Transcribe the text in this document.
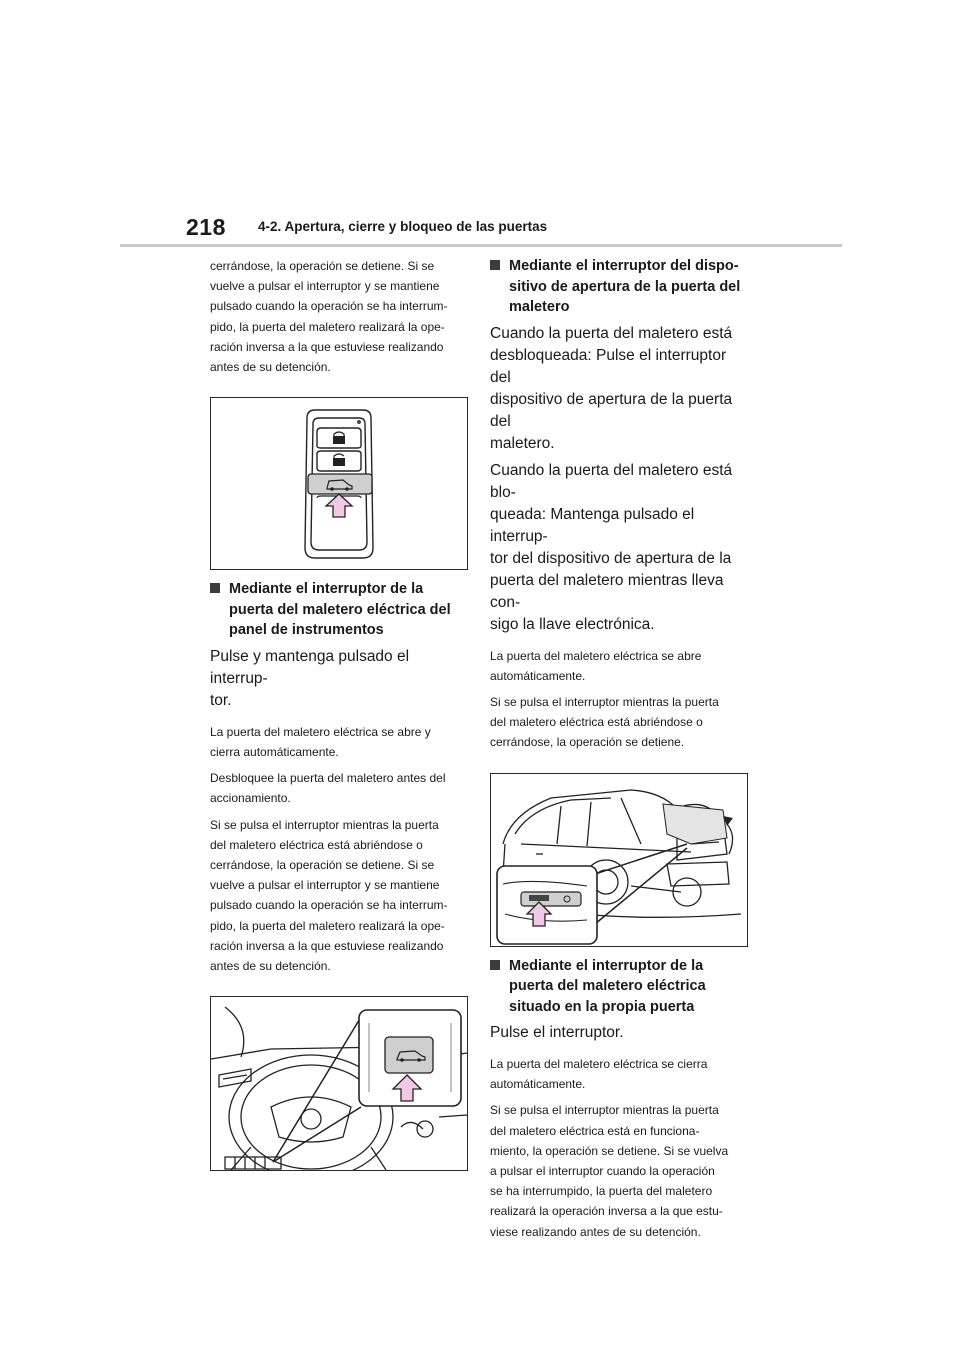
218 4-2. Apertura, cierre y bloqueo de las puertas

cerrándose, la operación se detiene. Si se

vuelve a pulsar el interruptor y se mantiene

pulsado cuando la operación se ha interrum-

pido, la puerta del maletero realizará la ope-

ración inversa a la que estuviese realizando

antes de su detención.

Mediante el interruptor de la
puerta del maletero eléctrica del
panel de instrumentos

Pulse y mantenga pulsado el interrup-

tor.

La puerta del maletero eléctrica se abre y

cierra automáticamente.

Desbloquee la puerta del maletero antes del

accionamiento.

Si se pulsa el interruptor mientras la puerta

del maletero eléctrica está abriéndose o

cerrándose, la operación se detiene. Si se

vuelve a pulsar el interruptor y se mantiene

pulsado cuando la operación se ha interrum-

pido, la puerta del maletero realizará la ope-

ración inversa a la que estuviese realizando

antes de su detención.

Mediante el interruptor del dispo-
sitivo de apertura de la puerta del
maletero

Cuando la puerta del maletero está

desbloqueada: Pulse el interruptor del

dispositivo de apertura de la puerta del

maletero.

Cuando la puerta del maletero está blo-

queada: Mantenga pulsado el interrup-

tor del dispositivo de apertura de la

puerta del maletero mientras lleva con-

sigo la llave electrónica.

La puerta del maletero eléctrica se abre

automáticamente.

Si se pulsa el interruptor mientras la puerta

del maletero eléctrica está abriéndose o

cerrándose, la operación se detiene.

Mediante el interruptor de la
puerta del maletero eléctrica
situado en la propia puerta

Pulse el interruptor.

La puerta del maletero eléctrica se cierra

automáticamente.

Si se pulsa el interruptor mientras la puerta

del maletero eléctrica está en funciona-

miento, la operación se detiene. Si se vuelva

a pulsar el interruptor cuando la operación

se ha interrumpido, la puerta del maletero

realizará la operación inversa a la que estu-

viese realizando antes de su detención.
